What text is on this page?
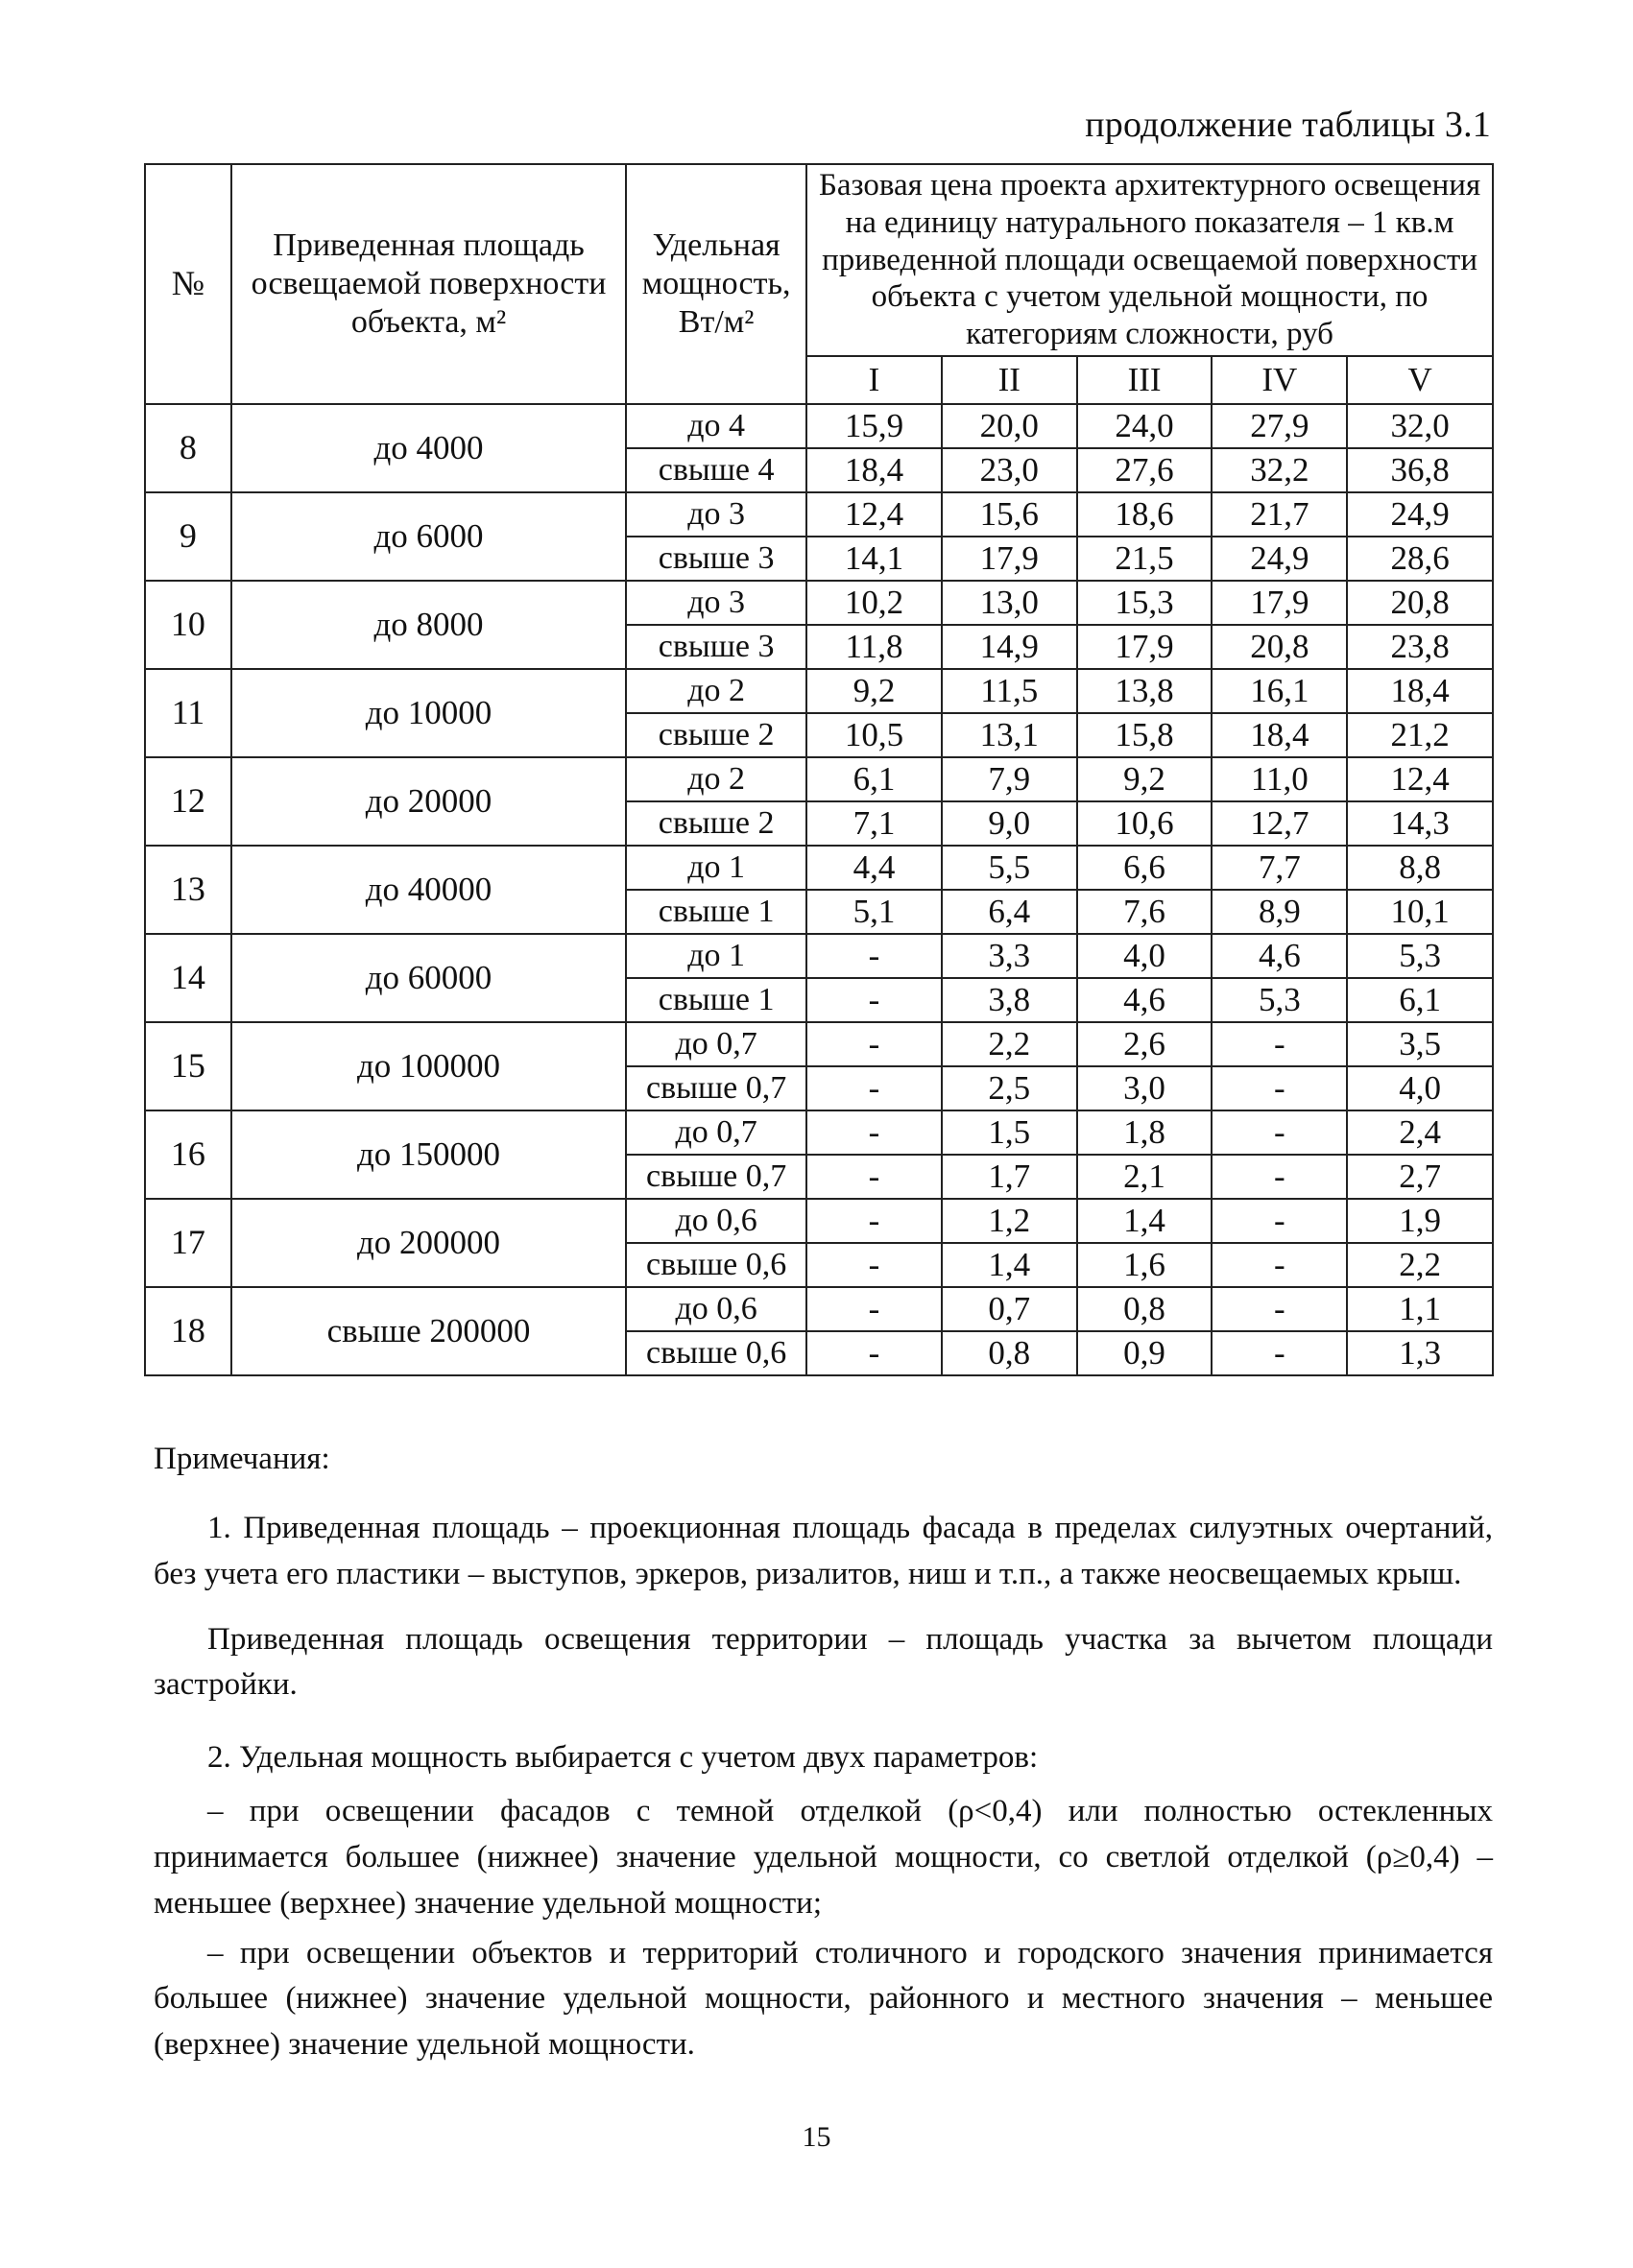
продолжение таблицы 3.1
№	Приведенная площадь освещаемой поверхности объекта, м²	Удельная мощность, Вт/м²	Базовая цена проекта архитектурного освещения на единицу натурального показателя – 1 кв.м приведенной площади освещаемой поверхности объекта с учетом удельной мощности, по категориям сложности, руб				
			I	II	III	IV	V
8	до 4000	до 4	15,9	20,0	24,0	27,9	32,0
		свыше 4	18,4	23,0	27,6	32,2	36,8
9	до 6000	до 3	12,4	15,6	18,6	21,7	24,9
		свыше 3	14,1	17,9	21,5	24,9	28,6
10	до 8000	до 3	10,2	13,0	15,3	17,9	20,8
		свыше 3	11,8	14,9	17,9	20,8	23,8
11	до 10000	до 2	9,2	11,5	13,8	16,1	18,4
		свыше 2	10,5	13,1	15,8	18,4	21,2
12	до 20000	до 2	6,1	7,9	9,2	11,0	12,4
		свыше 2	7,1	9,0	10,6	12,7	14,3
13	до 40000	до 1	4,4	5,5	6,6	7,7	8,8
		свыше 1	5,1	6,4	7,6	8,9	10,1
14	до 60000	до 1	-	3,3	4,0	4,6	5,3
		свыше 1	-	3,8	4,6	5,3	6,1
15	до 100000	до 0,7	-	2,2	2,6	-	3,5
		свыше 0,7	-	2,5	3,0	-	4,0
16	до 150000	до 0,7	-	1,5	1,8	-	2,4
		свыше 0,7	-	1,7	2,1	-	2,7
17	до 200000	до 0,6	-	1,2	1,4	-	1,9
		свыше 0,6	-	1,4	1,6	-	2,2
18	свыше 200000	до 0,6	-	0,7	0,8	-	1,1
		свыше 0,6	-	0,8	0,9	-	1,3

Примечания:

1. Приведенная площадь – проекционная площадь фасада в пределах силуэтных очертаний, без учета его пластики – выступов, эркеров, ризалитов, ниш и т.п., а также неосвещаемых крыш.

Приведенная площадь освещения территории – площадь участка за вычетом площади застройки.

2. Удельная мощность выбирается с учетом двух параметров:

– при освещении фасадов с темной отделкой (ρ<0,4) или полностью остекленных принимается большее (нижнее) значение удельной мощности, со светлой отделкой (ρ≥0,4) – меньшее (верхнее) значение удельной мощности;

– при освещении объектов и территорий столичного и городского значения принимается большее (нижнее) значение удельной мощности, районного и местного значения – меньшее (верхнее) значение удельной мощности.

15
